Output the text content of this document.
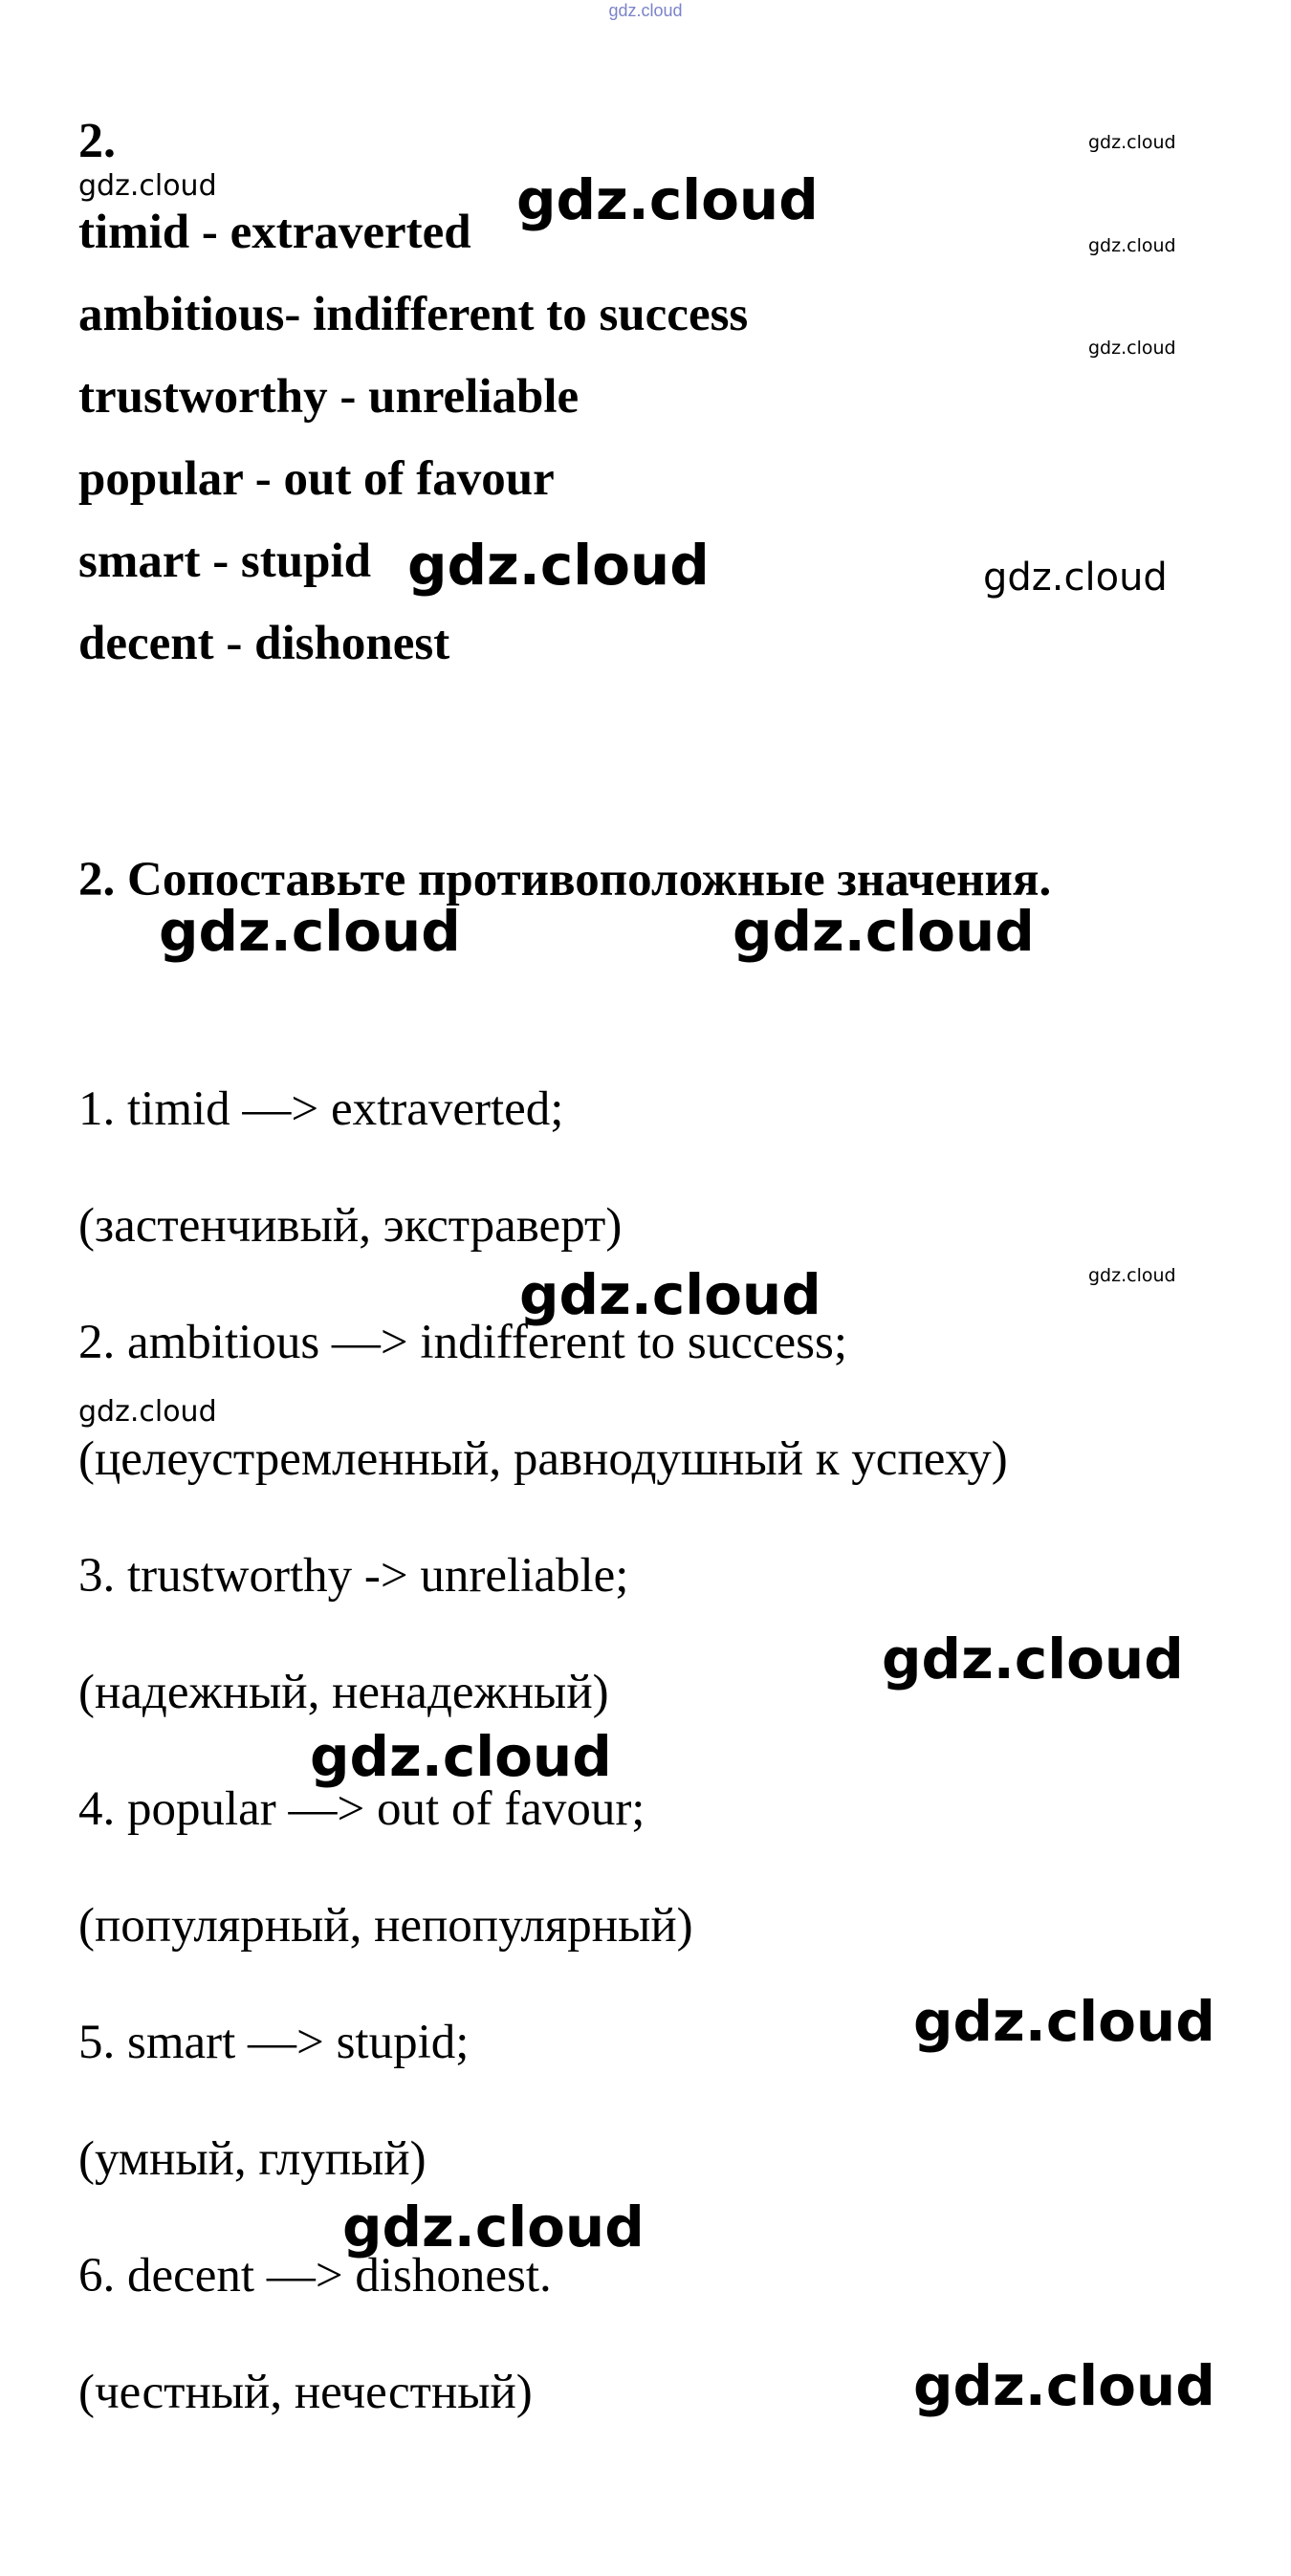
gdz.cloud
2.
timid - extraverted
ambitious- indifferent to success
trustworthy - unreliable
popular - out of favour
smart - stupid
decent - dishonest
2. Сопоставьте противоположные значения.
1. timid —> extraverted;
(застенчивый, экстраверт)
2. ambitious —> indifferent to success;
(целеустремленный, равнодушный к успеху)
3. trustworthy -> unreliable;
(надежный, ненадежный)
4. popular —> out of favour;
(популярный, непопулярный)
5. smart —> stupid;
(умный, глупый)
6. decent —> dishonest.
(честный, нечестный)
gdz.cloud
gdz.cloud	gdz.cloud
gdz.cloud
gdz.cloud
gdz.cloud	gdz.cloud
gdz.cloud	gdz.cloud
gdz.cloud
gdz.cloud
gdz.cloud
gdz.cloud
gdz.cloud
gdz.cloud
gdz.cloud
gdz.cloud
